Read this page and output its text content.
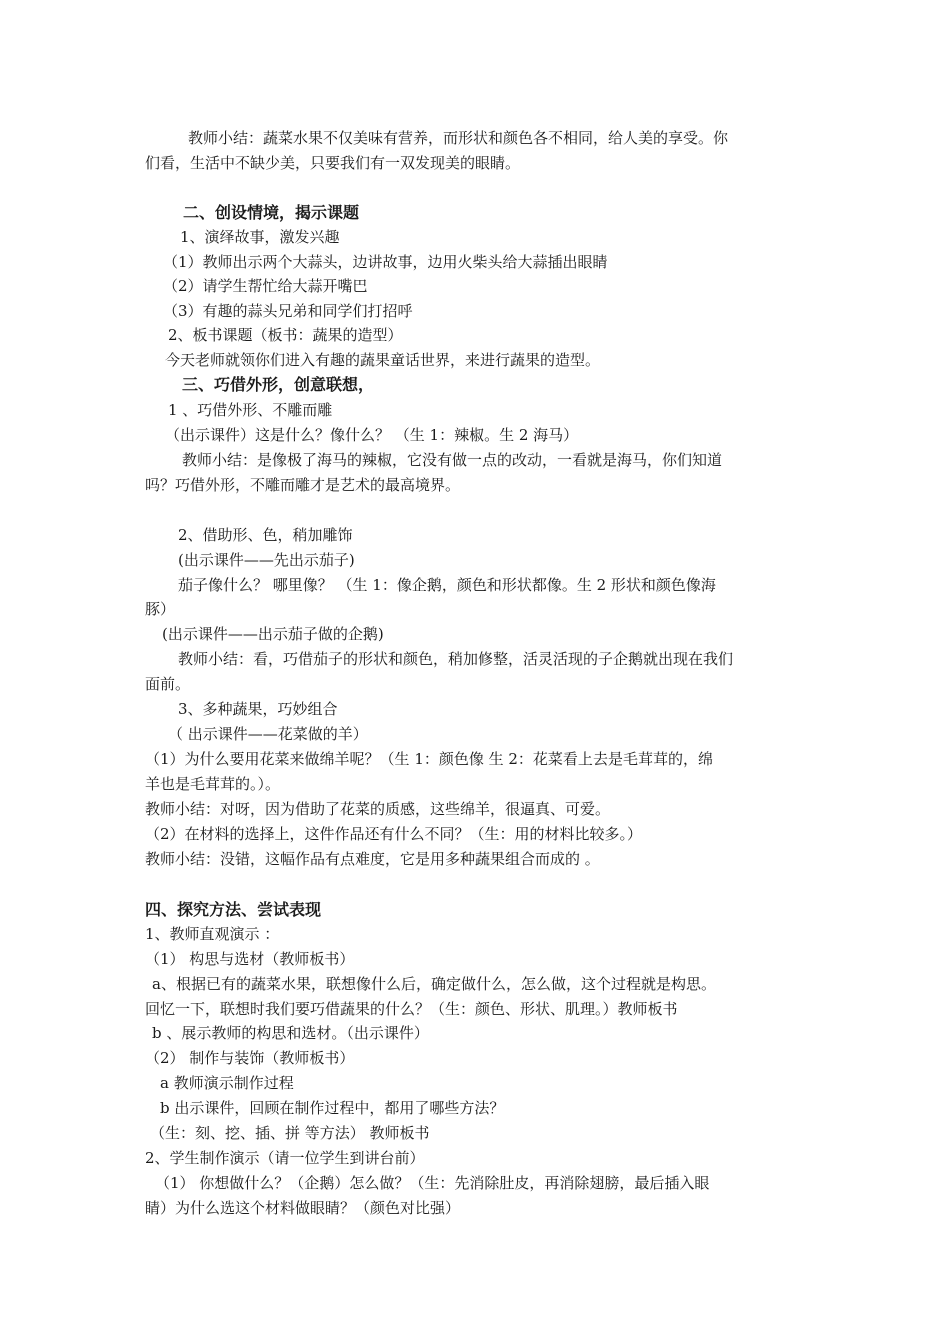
教师小结：蔬菜水果不仅美味有营养，而形状和颜色各不相同，给人美的享受。你
们看，生活中不缺少美，只要我们有一双发现美的眼睛。
二、创设情境，揭示课题
1、演绎故事，激发兴趣
（1）教师出示两个大蒜头，边讲故事，边用火柴头给大蒜插出眼睛
（2）请学生帮忙给大蒜开嘴巴
（3）有趣的蒜头兄弟和同学们打招呼
2、板书课题（板书：蔬果的造型）
今天老师就领你们进入有趣的蔬果童话世界，来进行蔬果的造型。
三、巧借外形，创意联想，
1 、巧借外形、不雕而雕
（出示课件）这是什么？像什么？ （生 1：辣椒。生 2 海马）
教师小结：是像极了海马的辣椒，它没有做一点的改动，一看就是海马，你们知道
吗？巧借外形，不雕而雕才是艺术的最高境界。
2、借助形、色，稍加雕饰
(出示课件——先出示茄子)
茄子像什么？ 哪里像？ （生 1：像企鹅，颜色和形状都像。生 2 形状和颜色像海
豚）
(出示课件——出示茄子做的企鹅)
教师小结：看，巧借茄子的形状和颜色，稍加修整，活灵活现的子企鹅就出现在我们
面前。
3、多种蔬果，巧妙组合
（ 出示课件——花菜做的羊）
（1）为什么要用花菜来做绵羊呢？（生 1：颜色像 生 2：花菜看上去是毛茸茸的，绵
羊也是毛茸茸的。）。
教师小结：对呀，因为借助了花菜的质感，这些绵羊，很逼真、可爱。
（2）在材料的选择上，这件作品还有什么不同？（生：用的材料比较多。）
教师小结：没错，这幅作品有点难度，它是用多种蔬果组合而成的 。
四、探究方法、尝试表现
1、教师直观演示 ：
（1） 构思与选材（教师板书）
a、根据已有的蔬菜水果，联想像什么后，确定做什么，怎么做，这个过程就是构思。
回忆一下，联想时我们要巧借蔬果的什么？（生：颜色、形状、肌理。）教师板书
b 、展示教师的构思和选材。（出示课件）
（2） 制作与装饰（教师板书）
a 教师演示制作过程
b 出示课件，回顾在制作过程中，都用了哪些方法？
（生：刻、挖、插、拼 等方法） 教师板书
2、学生制作演示（请一位学生到讲台前）
（1） 你想做什么？（企鹅）怎么做？（生：先消除肚皮，再消除翅膀，最后插入眼
睛）为什么选这个材料做眼睛？（颜色对比强）
